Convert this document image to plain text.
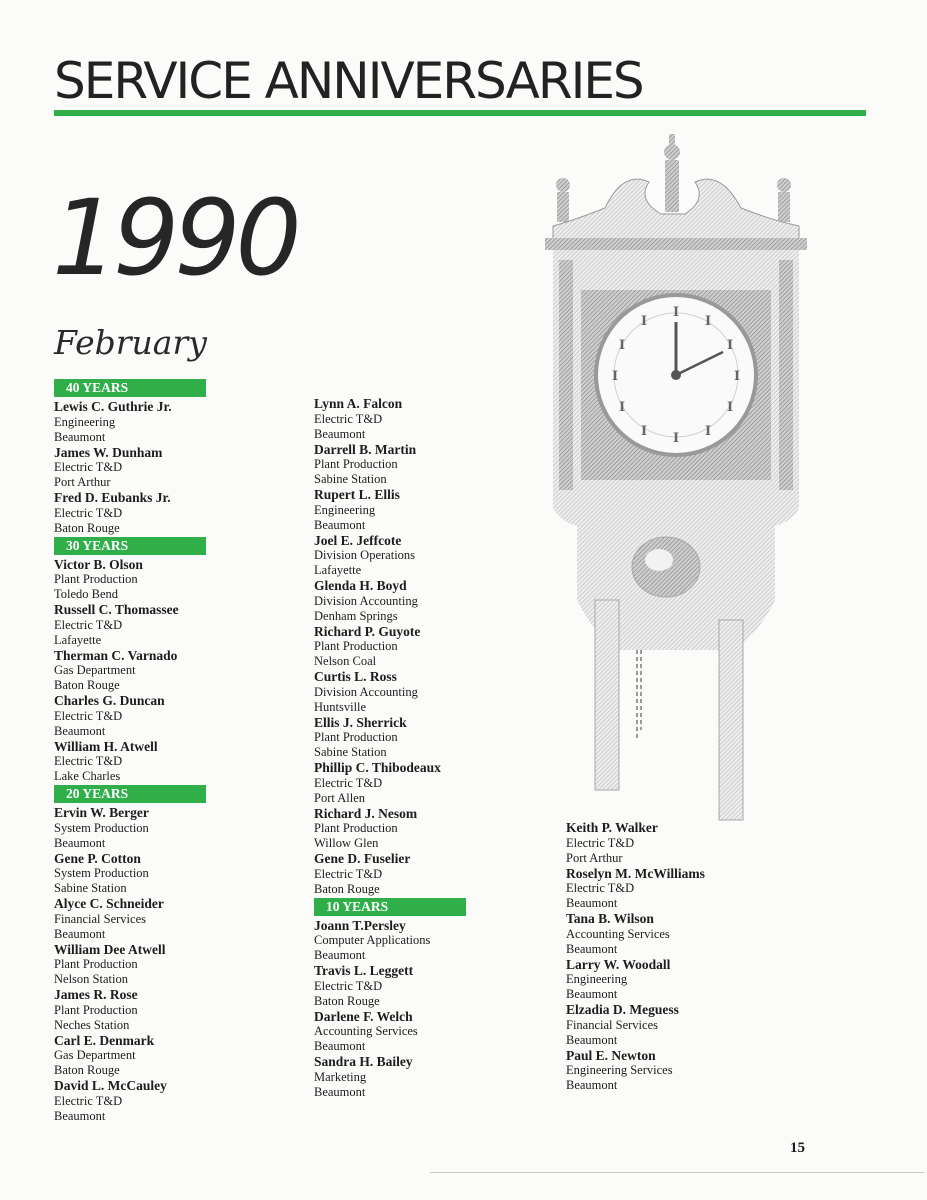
SERVICE ANNIVERSARIES
1990
February
40 YEARS
Lewis C. Guthrie Jr.
Engineering
Beaumont
James W. Dunham
Electric T&D
Port Arthur
Fred D. Eubanks Jr.
Electric T&D
Baton Rouge
30 YEARS
Victor B. Olson
Plant Production
Toledo Bend
Russell C. Thomassee
Electric T&D
Lafayette
Therman C. Varnado
Gas Department
Baton Rouge
Charles G. Duncan
Electric T&D
Beaumont
William H. Atwell
Electric T&D
Lake Charles
20 YEARS
Ervin W. Berger
System Production
Beaumont
Gene P. Cotton
System Production
Sabine Station
Alyce C. Schneider
Financial Services
Beaumont
William Dee Atwell
Plant Production
Nelson Station
James R. Rose
Plant Production
Neches Station
Carl E. Denmark
Gas Department
Baton Rouge
David L. McCauley
Electric T&D
Beaumont
Lynn A. Falcon
Electric T&D
Beaumont
Darrell B. Martin
Plant Production
Sabine Station
Rupert L. Ellis
Engineering
Beaumont
Joel E. Jeffcote
Division Operations
Lafayette
Glenda H. Boyd
Division Accounting
Denham Springs
Richard P. Guyote
Plant Production
Nelson Coal
Curtis L. Ross
Division Accounting
Huntsville
Ellis J. Sherrick
Plant Production
Sabine Station
Phillip C. Thibodeaux
Electric T&D
Port Allen
Richard J. Nesom
Plant Production
Willow Glen
Gene D. Fuselier
Electric T&D
Baton Rouge
10 YEARS
Joann T.Persley
Computer Applications
Beaumont
Travis L. Leggett
Electric T&D
Baton Rouge
Darlene F. Welch
Accounting Services
Beaumont
Sandra H. Bailey
Marketing
Beaumont
Keith P. Walker
Electric T&D
Port Arthur
Roselyn M. McWilliams
Electric T&D
Beaumont
Tana B. Wilson
Accounting Services
Beaumont
Larry W. Woodall
Engineering
Beaumont
Elzadia D. Meguess
Financial Services
Beaumont
Paul E. Newton
Engineering Services
Beaumont
I
I
I
I
I
I
I
I
I
I
I
I
15
